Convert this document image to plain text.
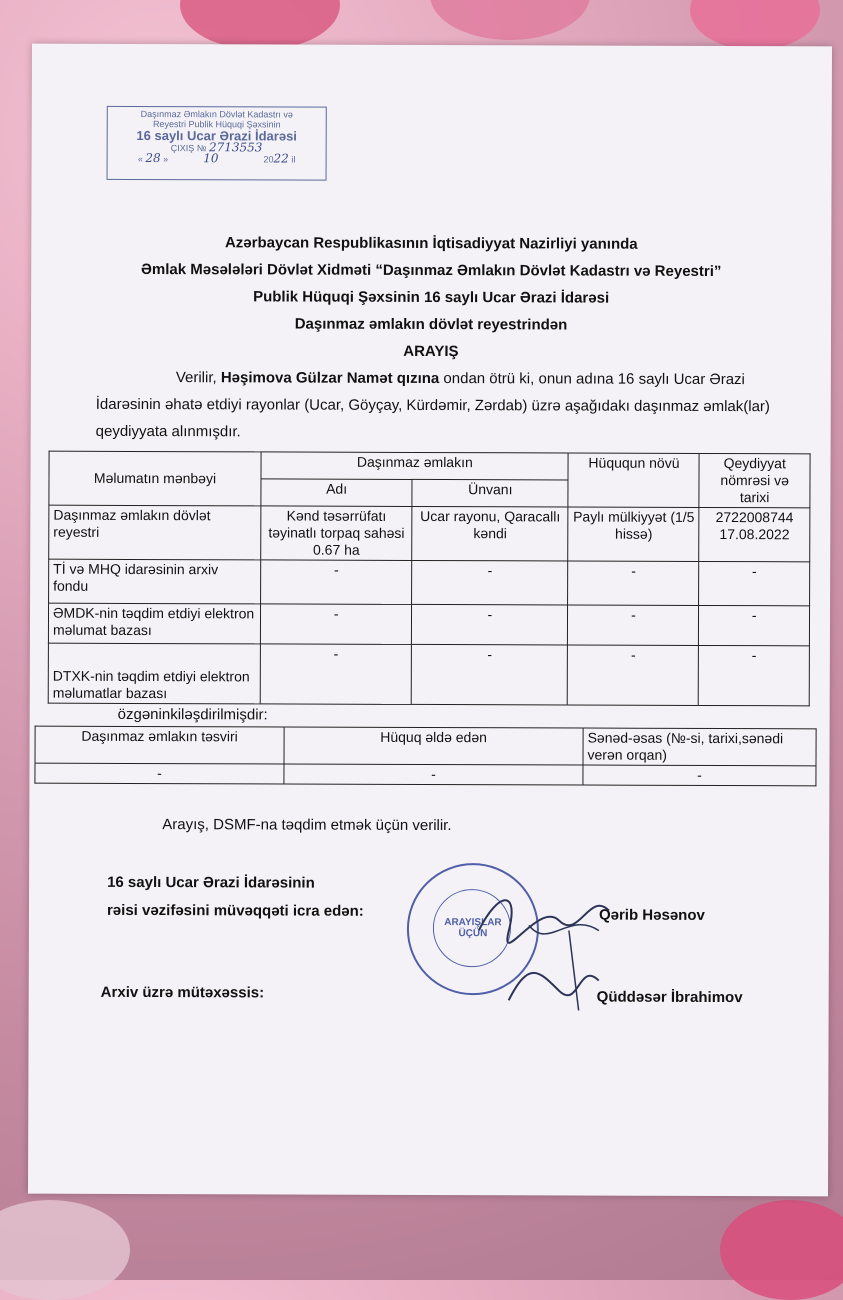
Daşınmaz Əmlakın Dövlət Kadastrı və
Reyestri Publik Hüquqi Şəxsinin
16 saylı Ucar Ərazi İdarəsi
ÇIXIŞ № 2713553
« 28 »	10	2022 il
Azərbaycan Respublikasının İqtisadiyyat Nazirliyi yanında
Əmlak Məsələləri Dövlət Xidməti “Daşınmaz Əmlakın Dövlət Kadastrı və Reyestri”
Publik Hüquqi Şəxsinin 16 saylı Ucar Ərazi İdarəsi
Daşınmaz əmlakın dövlət reyestrindən
ARAYIŞ
Verilir, Həşimova Gülzar Namət qızına ondan ötrü ki, onun adına 16 saylı Ucar Ərazi İdarəsinin əhatə etdiyi rayonlar (Ucar, Göyçay, Kürdəmir, Zərdab) üzrə aşağıdakı daşınmaz əmlak(lar) qeydiyyata alınmışdır.
Məlumatın mənbəyi	Daşınmaz əmlakın		Hüququn növü	Qeydiyyat nömrəsi və tarixi
	Adı	Ünvanı		
Daşınmaz əmlakın dövlət reyestri	Kənd təsərrüfatı təyinatlı torpaq sahəsi 0.67 ha	Ucar rayonu, Qaracallı kəndi	Paylı mülkiyyət (1/5 hissə)	2722008744 17.08.2022
Tİ və MHQ idarəsinin arxiv fondu	-	-	-	-
ƏMDK-nin təqdim etdiyi elektron məlumat bazası	-	-	-	-
DTXK-nin təqdim etdiyi elektron məlumatlar bazası	-	-	-	-
özgəninkiləşdirilmişdir:
Daşınmaz əmlakın təsviri	Hüquq əldə edən	Sənəd-əsas (№-si, tarixi,sənədi verən orqan)
-	-	-
Arayış, DSMF-na təqdim etmək üçün verilir.
16 saylı Ucar Ərazi İdarəsinin
rəisi vəzifəsini müvəqqəti icra edən:	Qərib Həsənov
Arxiv üzrə mütəxəssis:	Qüddəsər İbrahimov
ARAYIŞLAR
ÜÇÜN
